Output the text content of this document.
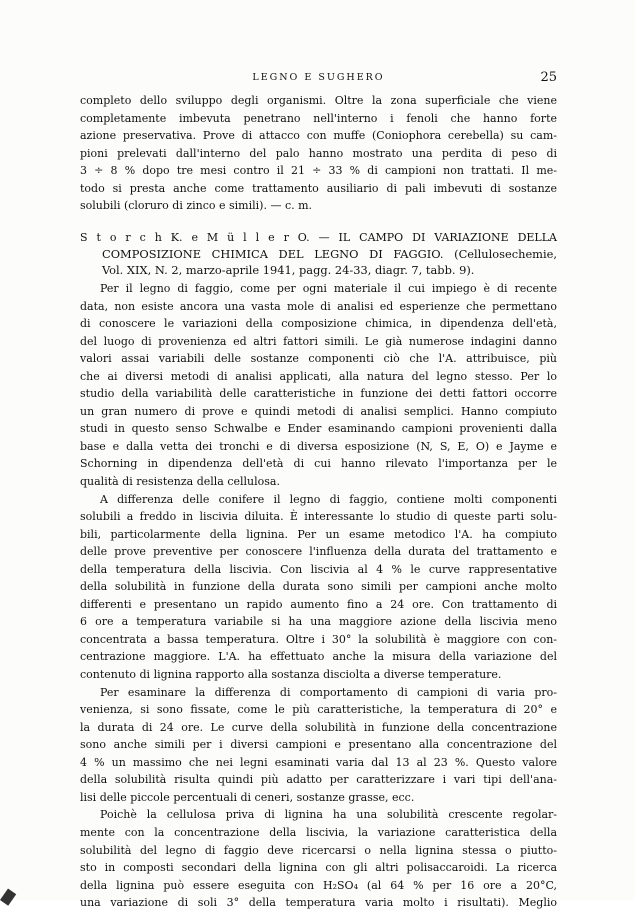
LEGNO E SUGHERO	25
completo dello sviluppo degli organismi. Oltre la zona superficiale che viene
completamente imbevuta penetrano nell'interno i fenoli che hanno forte
azione preservativa. Prove di attacco con muffe (Coniophora cerebella) su cam-
pioni prelevati dall'interno del palo hanno mostrato una perdita di peso di
3 ÷ 8 % dopo tre mesi contro il 21 ÷ 33 % di campioni non trattati. Il me-
todo si presta anche come trattamento ausiliario di pali imbevuti di sostanze
solubili (cloruro di zinco e simili). — c. m.
S t o r c h K. e M ü l l e r O. — IL CAMPO DI VARIAZIONE DELLA
COMPOSIZIONE CHIMICA DEL LEGNO DI FAGGIO. (Cellulosechemie,
Vol. XIX, N. 2, marzo-aprile 1941, pagg. 24-33, diagr. 7, tabb. 9).
Per il legno di faggio, come per ogni materiale il cui impiego è di recente
data, non esiste ancora una vasta mole di analisi ed esperienze che permettano
di conoscere le variazioni della composizione chimica, in dipendenza dell'età,
del luogo di provenienza ed altri fattori simili. Le già numerose indagini danno
valori assai variabili delle sostanze componenti ciò che l'A. attribuisce, più
che ai diversi metodi di analisi applicati, alla natura del legno stesso. Per lo
studio della variabilità delle caratteristiche in funzione dei detti fattori occorre
un gran numero di prove e quindi metodi di analisi semplici. Hanno compiuto
studi in questo senso Schwalbe e Ender esaminando campioni provenienti dalla
base e dalla vetta dei tronchi e di diversa esposizione (N, S, E, O) e Jayme e
Schorning in dipendenza dell'età di cui hanno rilevato l'importanza per le
qualità di resistenza della cellulosa.
A differenza delle conifere il legno di faggio, contiene molti componenti
solubili a freddo in liscivia diluita. È interessante lo studio di queste parti solu-
bili, particolarmente della lignina. Per un esame metodico l'A. ha compiuto
delle prove preventive per conoscere l'influenza della durata del trattamento e
della temperatura della liscivia. Con liscivia al 4 % le curve rappresentative
della solubilità in funzione della durata sono simili per campioni anche molto
differenti e presentano un rapido aumento fino a 24 ore. Con trattamento di
6 ore a temperatura variabile si ha una maggiore azione della liscivia meno
concentrata a bassa temperatura. Oltre i 30° la solubilità è maggiore con con-
centrazione maggiore. L'A. ha effettuato anche la misura della variazione del
contenuto di lignina rapporto alla sostanza disciolta a diverse temperature.
Per esaminare la differenza di comportamento di campioni di varia pro-
venienza, si sono fissate, come le più caratteristiche, la temperatura di 20° e
la durata di 24 ore. Le curve della solubilità in funzione della concentrazione
sono anche simili per i diversi campioni e presentano alla concentrazione del
4 % un massimo che nei legni esaminati varia dal 13 al 23 %. Questo valore
della solubilità risulta quindi più adatto per caratterizzare i vari tipi dell'ana-
lisi delle piccole percentuali di ceneri, sostanze grasse, ecc.
Poichè la cellulosa priva di lignina ha una solubilità crescente regolar-
mente con la concentrazione della liscivia, la variazione caratteristica della
solubilità del legno di faggio deve ricercarsi o nella lignina stessa o piutto-
sto in composti secondari della lignina con gli altri polisaccaroidi. La ricerca
della lignina può essere eseguita con H₂SO₄ (al 64 % per 16 ore a 20°C,
una variazione di soli 3° della temperatura varia molto i risultati). Meglio
